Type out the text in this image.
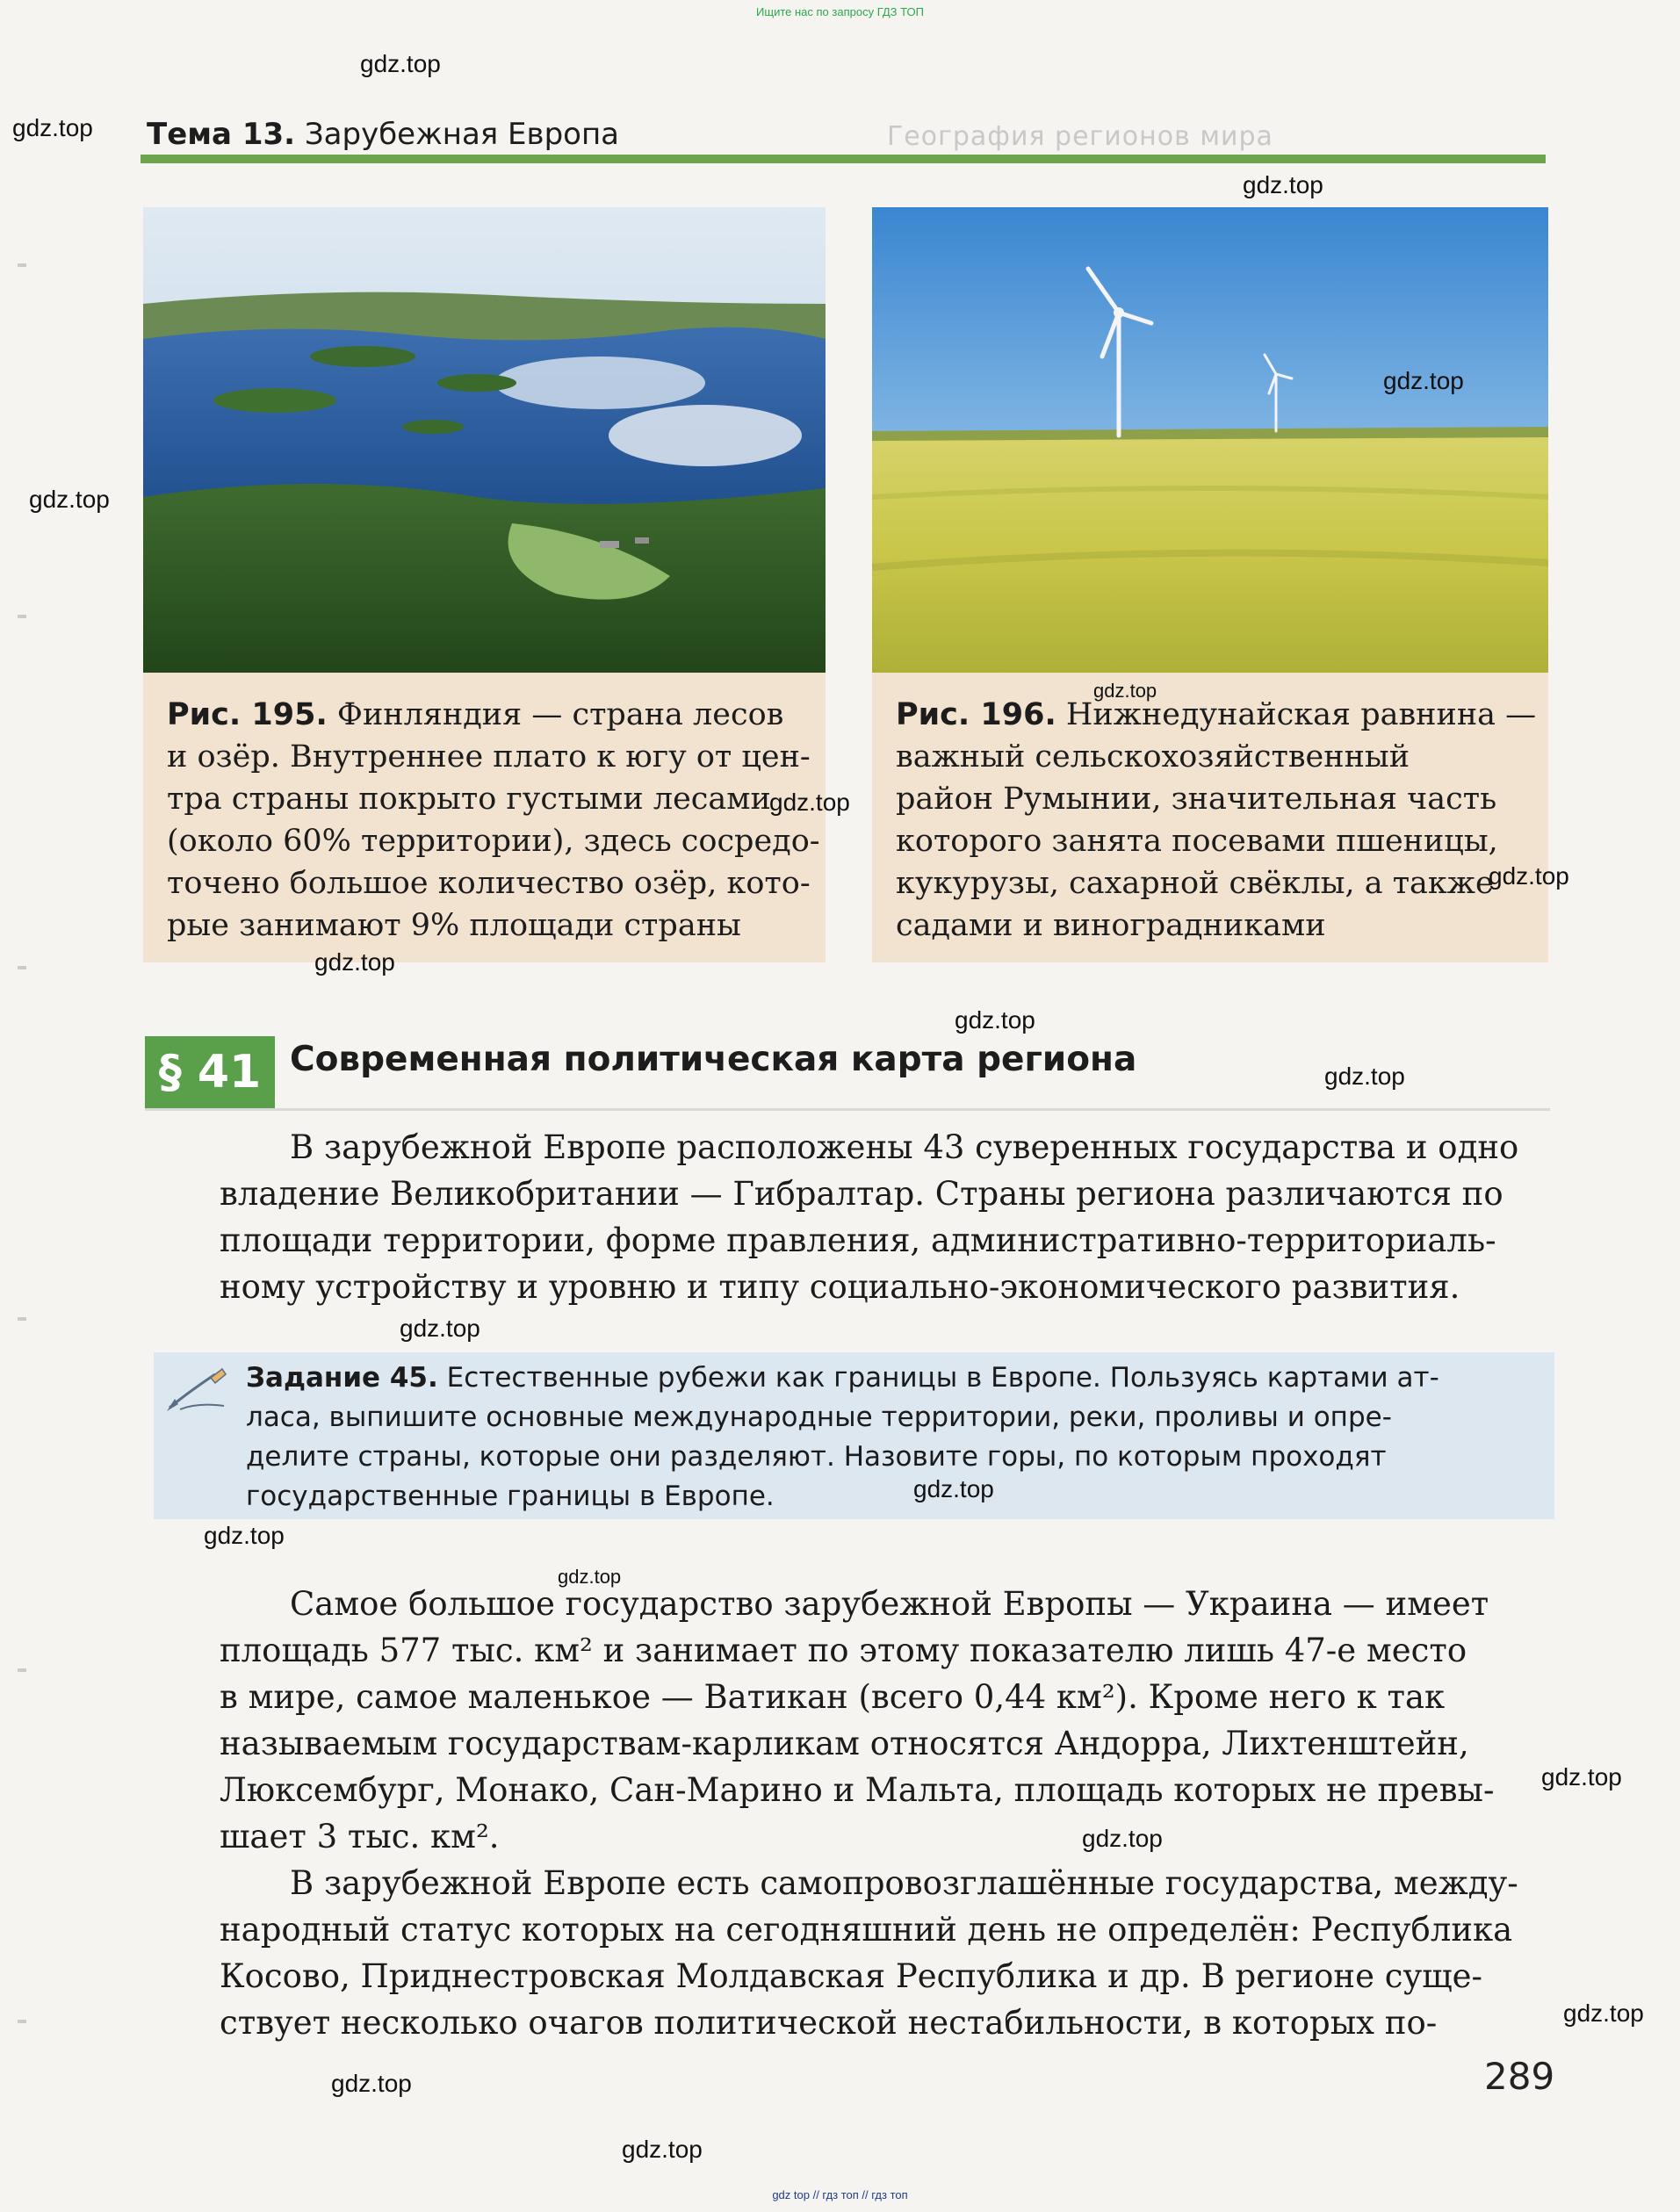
Ищите нас по запросу ГДЗ ТОП
Тема 13. Зарубежная Европа	География регионов мира
Рис. 195. Финляндия — страна лесов
и озёр. Внутреннее плато к югу от цен-
тра страны покрыто густыми лесами
(около 60% территории), здесь сосредо-
точено большое количество озёр, кото-
рые занимают 9% площади страны
Рис. 196. Нижнедунайская равнина —
важный сельскохозяйственный
район Румынии, значительная часть
которого занята посевами пшеницы,
кукурузы, сахарной свёклы, а также
садами и виноградниками
§ 41 Современная политическая карта региона
В зарубежной Европе расположены 43 суверенных государства и одно
владение Великобритании — Гибралтар. Страны региона различаются по
площади территории, форме правления, административно-территориаль-
ному устройству и уровню и типу социально-экономического развития.
Задание 45. Естественные рубежи как границы в Европе. Пользуясь картами ат-
ласа, выпишите основные международные территории, реки, проливы и опре-
делите страны, которые они разделяют. Назовите горы, по которым проходят
государственные границы в Европе.
Самое большое государство зарубежной Европы — Украина — имеет
площадь 577 тыс. км² и занимает по этому показателю лишь 47-е место
в мире, самое маленькое — Ватикан (всего 0,44 км²). Кроме него к так
называемым государствам-карликам относятся Андорра, Лихтенштейн,
Люксембург, Монако, Сан-Марино и Мальта, площадь которых не превы-
шает 3 тыс. км².
В зарубежной Европе есть самопровозглашённые государства, между-
народный статус которых на сегодняшний день не определён: Республика
Косово, Приднестровская Молдавская Республика и др. В регионе суще-
ствует несколько очагов политической нестабильности, в которых по-
289
gdz.top
gdz.top
gdz.top
gdz.top
gdz.top
gdz.top
gdz.top
gdz.top
gdz.top
gdz.top
gdz.top
gdz.top
gdz.top
gdz.top
gdz.top
gdz.top
gdz.top
gdz.top
gdz.top
gdz.top
gdz top // гдз топ // гдз топ
